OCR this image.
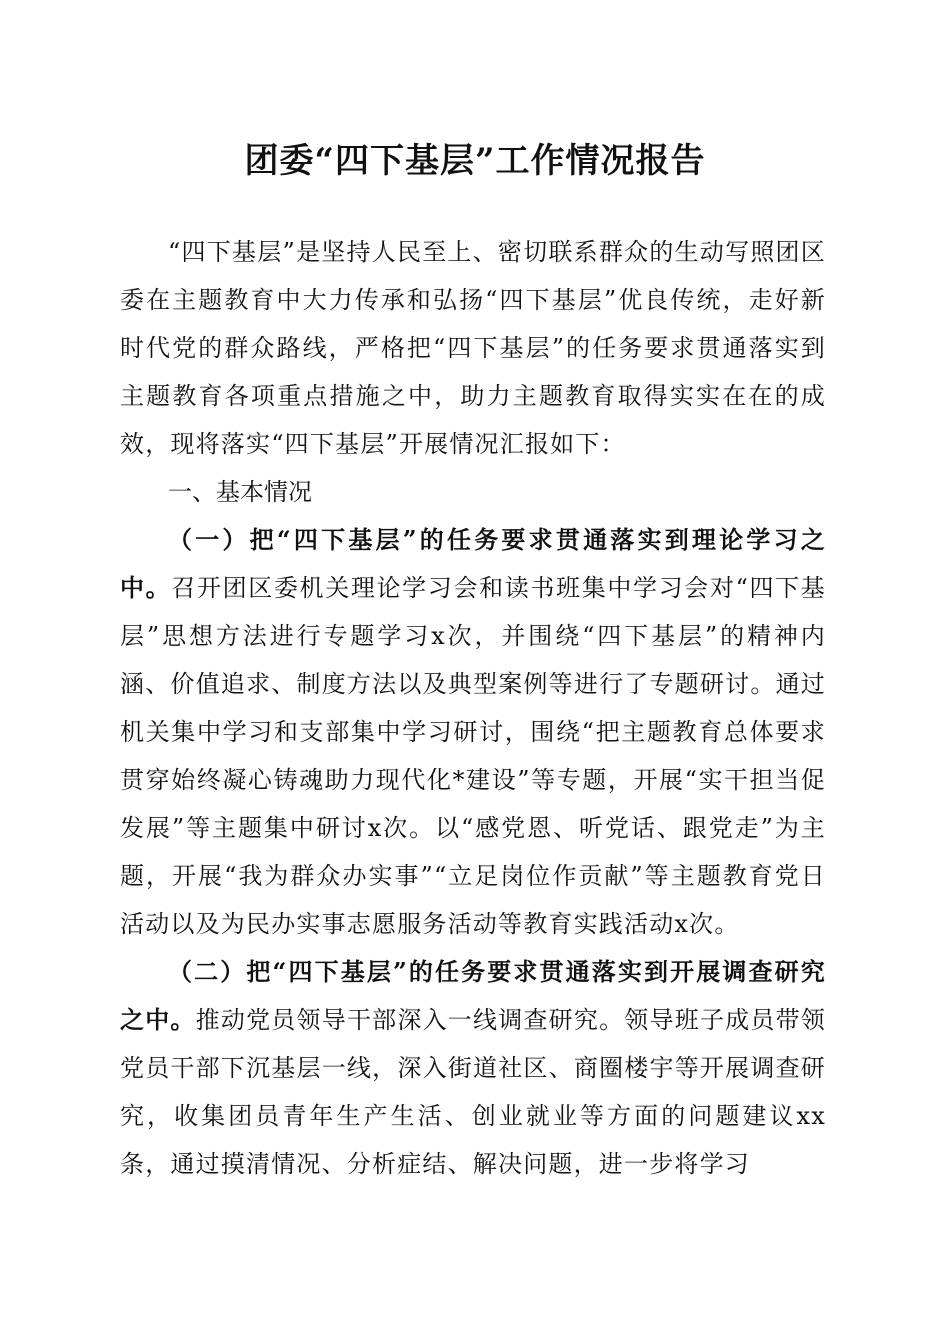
团委“四下基层”工作情况报告

“四下基层”是坚持人民至上、密切联系群众的生动写照团区委在主题教育中大力传承和弘扬“四下基层”优良传统，走好新时代党的群众路线，严格把“四下基层”的任务要求贯通落实到主题教育各项重点措施之中，助力主题教育取得实实在在的成效，现将落实“四下基层”开展情况汇报如下：

一、基本情况

（一）把“四下基层”的任务要求贯通落实到理论学习之中。召开团区委机关理论学习会和读书班集中学习会对“四下基层”思想方法进行专题学习x次，并围绕“四下基层”的精神内涵、价值追求、制度方法以及典型案例等进行了专题研讨。通过机关集中学习和支部集中学习研讨，围绕“把主题教育总体要求贯穿始终凝心铸魂助力现代化*建设”等专题，开展“实干担当促发展”等主题集中研讨x次。以“感党恩、听党话、跟党走”为主题，开展“我为群众办实事”“立足岗位作贡献”等主题教育党日活动以及为民办实事志愿服务活动等教育实践活动x次。

（二）把“四下基层”的任务要求贯通落实到开展调查研究之中。推动党员领导干部深入一线调查研究。领导班子成员带领党员干部下沉基层一线，深入街道社区、商圈楼宇等开展调查研究，收集团员青年生产生活、创业就业等方面的问题建议xx条，通过摸清情况、分析症结、解决问题，进一步将学习
